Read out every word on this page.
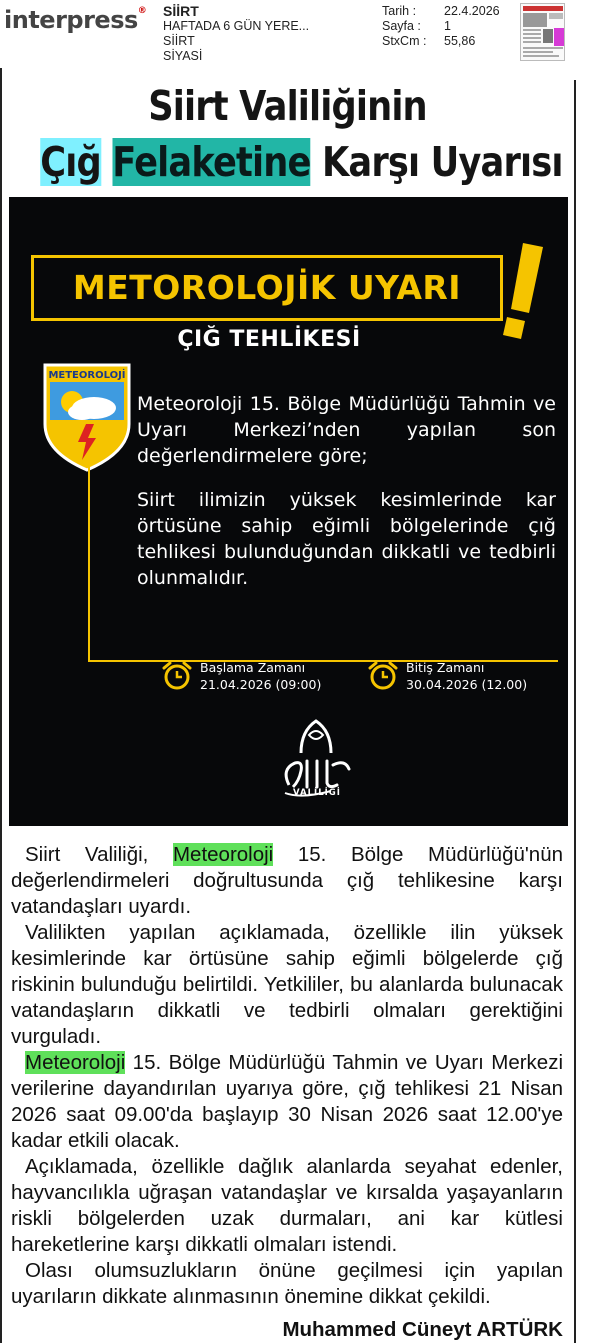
interpress® SİİRT
HAFTADA 6 GÜN YERE...
SİİRT
SİYASİ
Tarih : 22.4.2026
Sayfa : 1
StxCm : 55,86
Siirt Valiliğinin
Çığ Felaketine Karşı Uyarısı
METOROLOJİK UYARI
ÇIĞ TEHLİKESİ
METEOROLOJİ
Meteoroloji 15. Bölge Müdürlüğü Tahmin ve Uyarı Merkezi’nden yapılan son değerlendirmelere göre;
Siirt ilimizin yüksek kesimlerinde kar örtüsüne sahip eğimli bölgelerinde çığ tehlikesi bulunduğundan dikkatli ve tedbirli olunmalıdır.
Başlama Zamanı
21.04.2026 (09:00)
Bitiş Zamanı
30.04.2026 (12.00)
VALİLİĞİ

Siirt Valiliği, Meteoroloji 15. Bölge Müdürlüğü'nün değerlendirmeleri doğrultusunda çığ tehlikesine karşı vatandaşları uyardı.

Valilikten yapılan açıklamada, özellikle ilin yüksek kesimlerinde kar örtüsüne sahip eğimli bölgelerde çığ riskinin bulunduğu belirtildi. Yetkililer, bu alanlarda bulunacak vatandaşların dikkatli ve tedbirli olmaları gerektiğini vurguladı.

Meteoroloji 15. Bölge Müdürlüğü Tahmin ve Uyarı Merkezi verilerine dayandırılan uyarıya göre, çığ tehlikesi 21 Nisan 2026 saat 09.00'da başlayıp 30 Nisan 2026 saat 12.00'ye kadar etkili olacak.

Açıklamada, özellikle dağlık alanlarda seyahat edenler, hayvancılıkla uğraşan vatandaşlar ve kırsalda yaşayanların riskli bölgelerden uzak durmaları, ani kar kütlesi hareketlerine karşı dikkatli olmaları istendi.

Olası olumsuzlukların önüne geçilmesi için yapılan uyarıların dikkate alınmasının önemine dikkat çekildi.

Muhammed Cüneyt ARTÜRK
